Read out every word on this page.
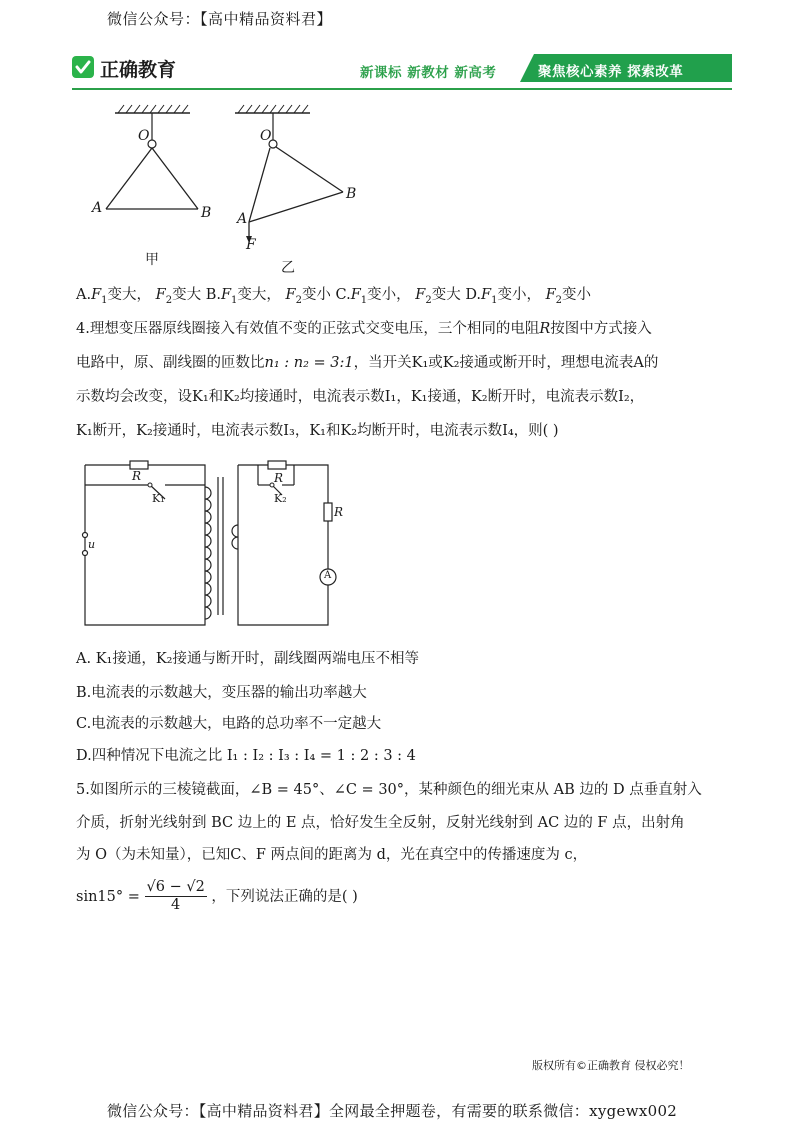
微信公众号：【高中精品资料君】
正确教育	新课标 新教材 新高考	聚焦核心素养 探索改革
O
A	B
O
A
B
F
甲	乙
$A.F_1$变大， $F_2$变大 $B.F_1$变大， $F_2$变小 $C.F_1$变小， $F_2$变大 $D.F_1$变小， $F_2$变小
4.理想变压器原线圈接入有效值不变的正弦式交变电压，三个相同的电阻R按图中方式接入
电路中，原、副线圈的匝数比n₁ : n₂ = 3:1，当开关K₁或K₂接通或断开时，理想电流表A的
示数均会改变，设K₁和K₂均接通时，电流表示数I₁，K₁接通，K₂断开时，电流表示数I₂，
K₁断开，K₂接通时，电流表示数I₃，K₁和K₂均断开时，电流表示数I₄，则( )
R
K₁
u
R
K₂
R
A
A. K₁接通，K₂接通与断开时，副线圈两端电压不相等
B.电流表的示数越大，变压器的输出功率越大
C.电流表的示数越大，电路的总功率不一定越大
D.四种情况下电流之比 I₁ : I₂ : I₃ : I₄ = 1 : 2 : 3 : 4
5.如图所示的三棱镜截面，∠B = 45°、∠C = 30°，某种颜色的细光束从 AB 边的 D 点垂直射入
介质，折射光线射到 BC 边上的 E 点，恰好发生全反射，反射光线射到 AC 边的 F 点，出射角
为 O（为未知量），已知C、F 两点间的距离为 d，光在真空中的传播速度为 c，
$\sin 15^\circ = \frac{√6 - √2}{4}$ ，下列说法正确的是( )
版权所有©正确教育 侵权必究！
微信公众号：【高中精品资料君】全网最全押题卷，有需要的联系微信：xygewx002
